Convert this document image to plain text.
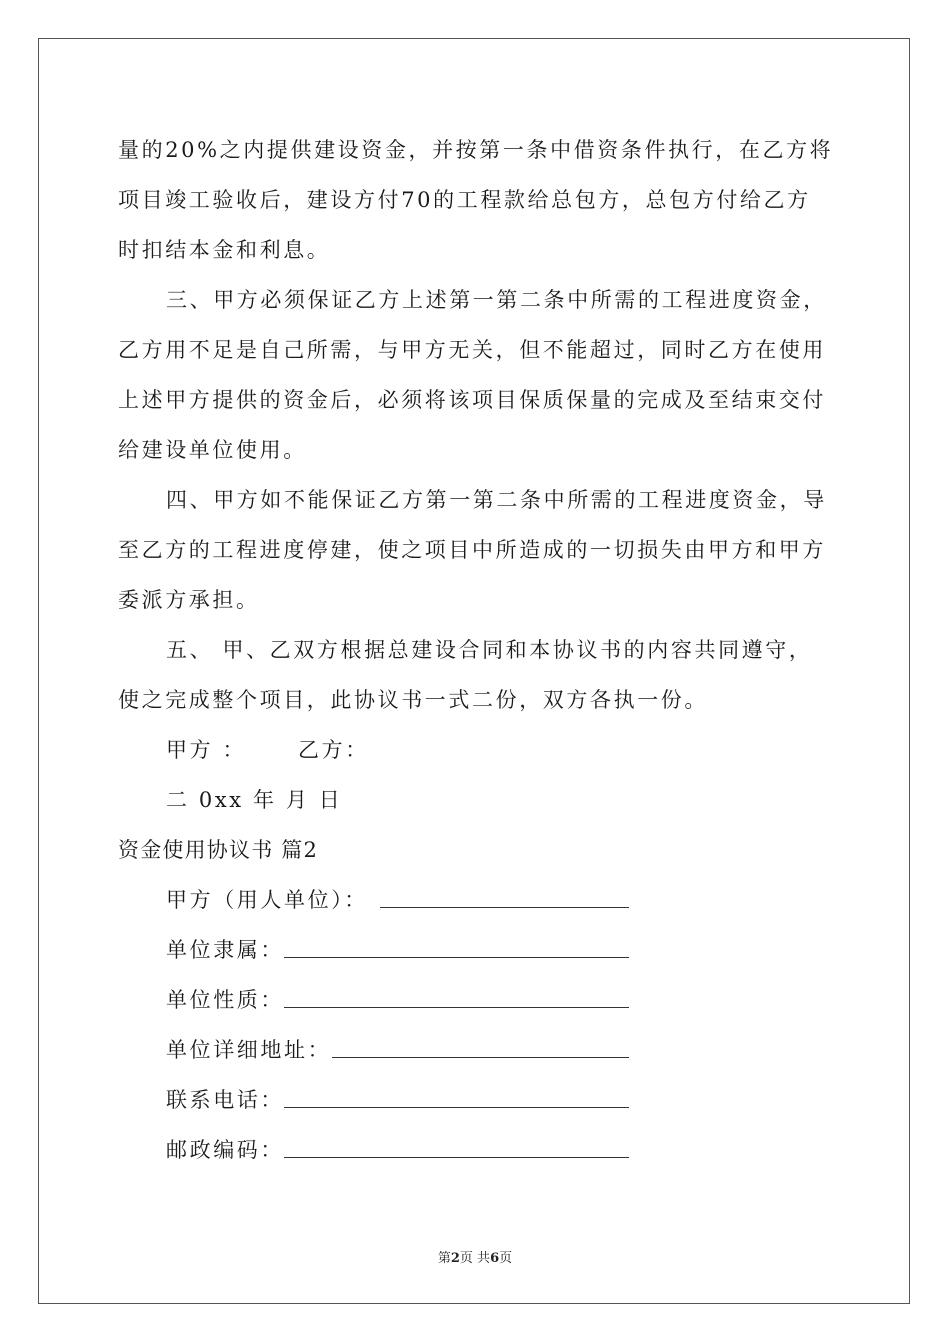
量的20%之内提供建设资金，并按第一条中借资条件执行，在乙方将
项目竣工验收后，建设方付70的工程款给总包方，总包方付给乙方
时扣结本金和利息。
三、甲方必须保证乙方上述第一第二条中所需的工程进度资金，
乙方用不足是自己所需，与甲方无关，但不能超过，同时乙方在使用
上述甲方提供的资金后，必须将该项目保质保量的完成及至结束交付
给建设单位使用。
四、甲方如不能保证乙方第一第二条中所需的工程进度资金，导
至乙方的工程进度停建，使之项目中所造成的一切损失由甲方和甲方
委派方承担。
五、 甲、乙双方根据总建设合同和本协议书的内容共同遵守，
使之完成整个项目，此协议书一式二份，双方各执一份。
甲方 ： 乙方：
二 0xx 年 月 日
资金使用协议书 篇2
甲方（用人单位）：
单位隶属：
单位性质：
单位详细地址：
联系电话：
邮政编码：
第2页 共6页
